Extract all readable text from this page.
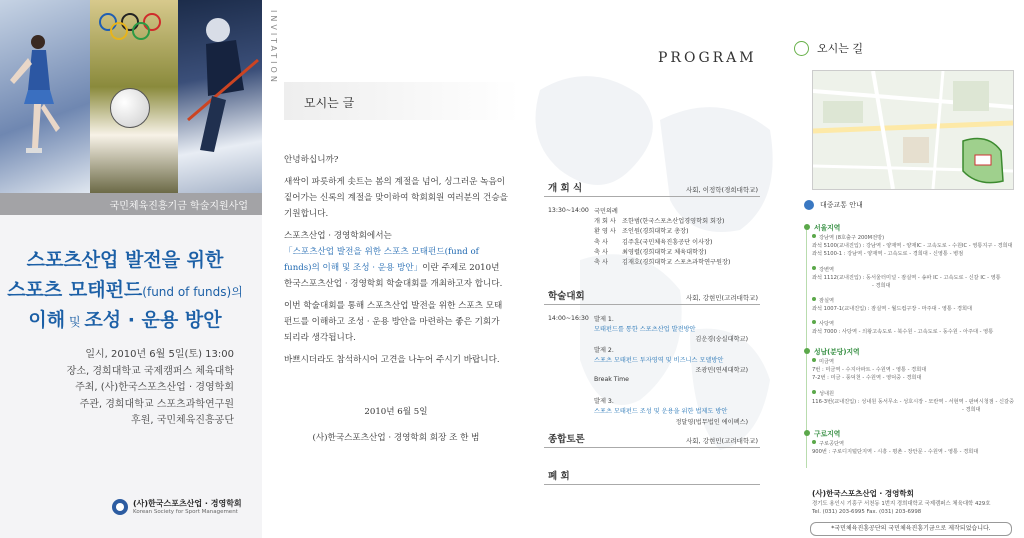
국민체육진흥기금 학술지원사업
스포츠산업 발전을 위한
스포츠 모태펀드(fund of funds)의
이해 및 조성 · 운용 방안
일시, 2010년 6월 5일(토) 13:00
장소, 경희대학교 국제캠퍼스 체육대학
주최, (사)한국스포츠산업 · 경영학회
주관, 경희대학교 스포츠과학연구원
후원, 국민체육진흥공단
(사)한국스포츠산업 · 경영학회
Korean Society for Sport Management
INVITATION
모시는 글

안녕하십니까?

새싹이 파릇하게 솟트는 봄의 계절을 넘어, 싱그러운 녹음이 짙어가는 신록의 계절을 맞이하여 학회회원 여러분의 건승을 기원합니다.

스포츠산업 · 경영학회에서는
「스포츠산업 발전을 위한 스포츠 모태펀드(fund of funds)의 이해 및 조성 · 운용 방안」이란 주제로 2010년 한국스포츠산업 · 경영학회 학술대회를 개최하고자 합니다.

이번 학술대회를 통해 스포츠산업 발전을 위한 스포츠 모태 펀드를 이해하고 조성 · 운용 방안을 마련하는 좋은 기회가 되리라 생각됩니다.

바쁘시더라도 참석하시어 고견을 나누어 주시기 바랍니다.

2010년 6월 5일
(사)한국스포츠산업 · 경영학회 회장 조 한 범
PROGRAM
개 회 식	사회, 이정학(경희대학교)
13:30~14:00 국민의례
개 회 사 조한범(한국스포츠산업경영학회 회장)
환 영 사 조인원(경희대학교 총장)
축 사	김주훈(국민체육진흥공단 이사장)
축 사	최영렬(경희대학교 체육대학장)
축 사	김재호(경희대학교 스포츠과학연구원장)
학술대회	사회, 강현민(고려대학교)
14:00~16:30 발제 1.
모태펀드를 통한 스포츠산업 발전방안
김운경(숭실대학교)
발제 2.
스포츠 모태펀드 투자영역 및 비즈니스 모델방안
조광민(연세대학교)
Break Time
발제 3.
스포츠 모태펀드 조성 및 운용을 위한 법제도 방안
정달영(법무법인 에이펙스)
종합토론	사회, 강현민(고려대학교)
폐 회
오시는 길
대중교통 안내
서울지역
강남역 (8호출구 200M전방)
좌석 5100(교내진입) : 강남역 - 양재역 - 양재IC - 고속도로 - 수원IC - 영통지구 - 경희대
좌석 5100-1 : 강남역 - 양재역 - 고속도로 - 경희대 - 신영통 - 병점
강변역
좌석 1112(교내진입) : 동서울터미널 - 잠실역 - 송파 IC - 고속도로 - 신갈 IC - 영통
- 경희대
잠실역
좌석 1007-1(교내진입) : 잠실역 - 월드컵구장 - 마주대 - 영통 - 경희대
사당역
좌석 7000 : 사당역 - 의왕고속도로 - 북수원 - 고속도로 - 동수원 - 아주대 - 영통
성남(분당)지역
미금역
7번 : 미금역 - 수지아파트 - 수원역 - 영통 - 경희대
7-2번 : 미금 - 풍덕천 - 수원역 - 영덕중 - 경희대
성내원
116-3번(교내진입) : 성내원 동서무소 - 성호시장 - 모란역 - 서현역 - 판버시청점 - 신갈중
- 경희대
구로지역
구로공단역
900번 : 구로디지털단지역 - 시흥 - 평촌 - 장안문 - 수원역 - 영통 - 경희대
(사)한국스포츠산업 · 경영학회
경기도 용인시 기흥구 서천동 1번지 경희대학교 국제캠퍼스 체육대학 429호
Tel. (031) 203-6995 Fax. (031) 203-6998
*국민체육진흥공단의 국민체육진흥기금으로 제작되었습니다.
